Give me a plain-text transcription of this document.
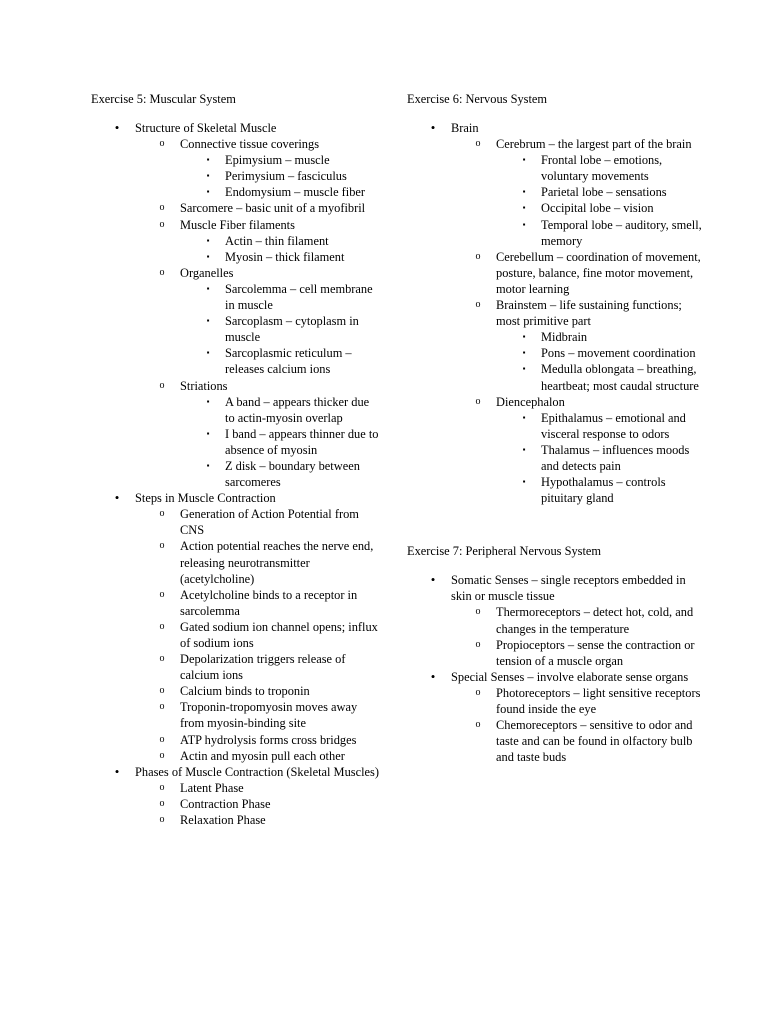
Exercise 5: Muscular System
• Structure of Skeletal Muscle
o Connective tissue coverings
▪ Epimysium – muscle
▪ Perimysium – fasciculus
▪ Endomysium – muscle fiber
o Sarcomere – basic unit of a myofibril
o Muscle Fiber filaments
▪ Actin – thin filament
▪ Myosin – thick filament
o Organelles
▪ Sarcolemma – cell membrane in muscle
▪ Sarcoplasm – cytoplasm in muscle
▪ Sarcoplasmic reticulum – releases calcium ions
o Striations
▪ A band – appears thicker due to actin-myosin overlap
▪ I band – appears thinner due to absence of myosin
▪ Z disk – boundary between sarcomeres
• Steps in Muscle Contraction
o Generation of Action Potential from CNS
o Action potential reaches the nerve end, releasing neurotransmitter (acetylcholine)
o Acetylcholine binds to a receptor in sarcolemma
o Gated sodium ion channel opens; influx of sodium ions
o Depolarization triggers release of calcium ions
o Calcium binds to troponin
o Troponin-tropomyosin moves away from myosin-binding site
o ATP hydrolysis forms cross bridges
o Actin and myosin pull each other
• Phases of Muscle Contraction (Skeletal Muscles)
o Latent Phase
o Contraction Phase
o Relaxation Phase
Exercise 6: Nervous System
• Brain
o Cerebrum – the largest part of the brain
▪ Frontal lobe – emotions, voluntary movements
▪ Parietal lobe – sensations
▪ Occipital lobe – vision
▪ Temporal lobe – auditory, smell, memory
o Cerebellum – coordination of movement, posture, balance, fine motor movement, motor learning
o Brainstem – life sustaining functions; most primitive part
▪ Midbrain
▪ Pons – movement coordination
▪ Medulla oblongata – breathing, heartbeat; most caudal structure
o Diencephalon
▪ Epithalamus – emotional and visceral response to odors
▪ Thalamus – influences moods and detects pain
▪ Hypothalamus – controls pituitary gland
Exercise 7: Peripheral Nervous System
• Somatic Senses – single receptors embedded in skin or muscle tissue
o Thermoreceptors – detect hot, cold, and changes in the temperature
o Propioceptors – sense the contraction or tension of a muscle organ
• Special Senses – involve elaborate sense organs
o Photoreceptors – light sensitive receptors found inside the eye
o Chemoreceptors – sensitive to odor and taste and can be found in olfactory bulb and taste buds
